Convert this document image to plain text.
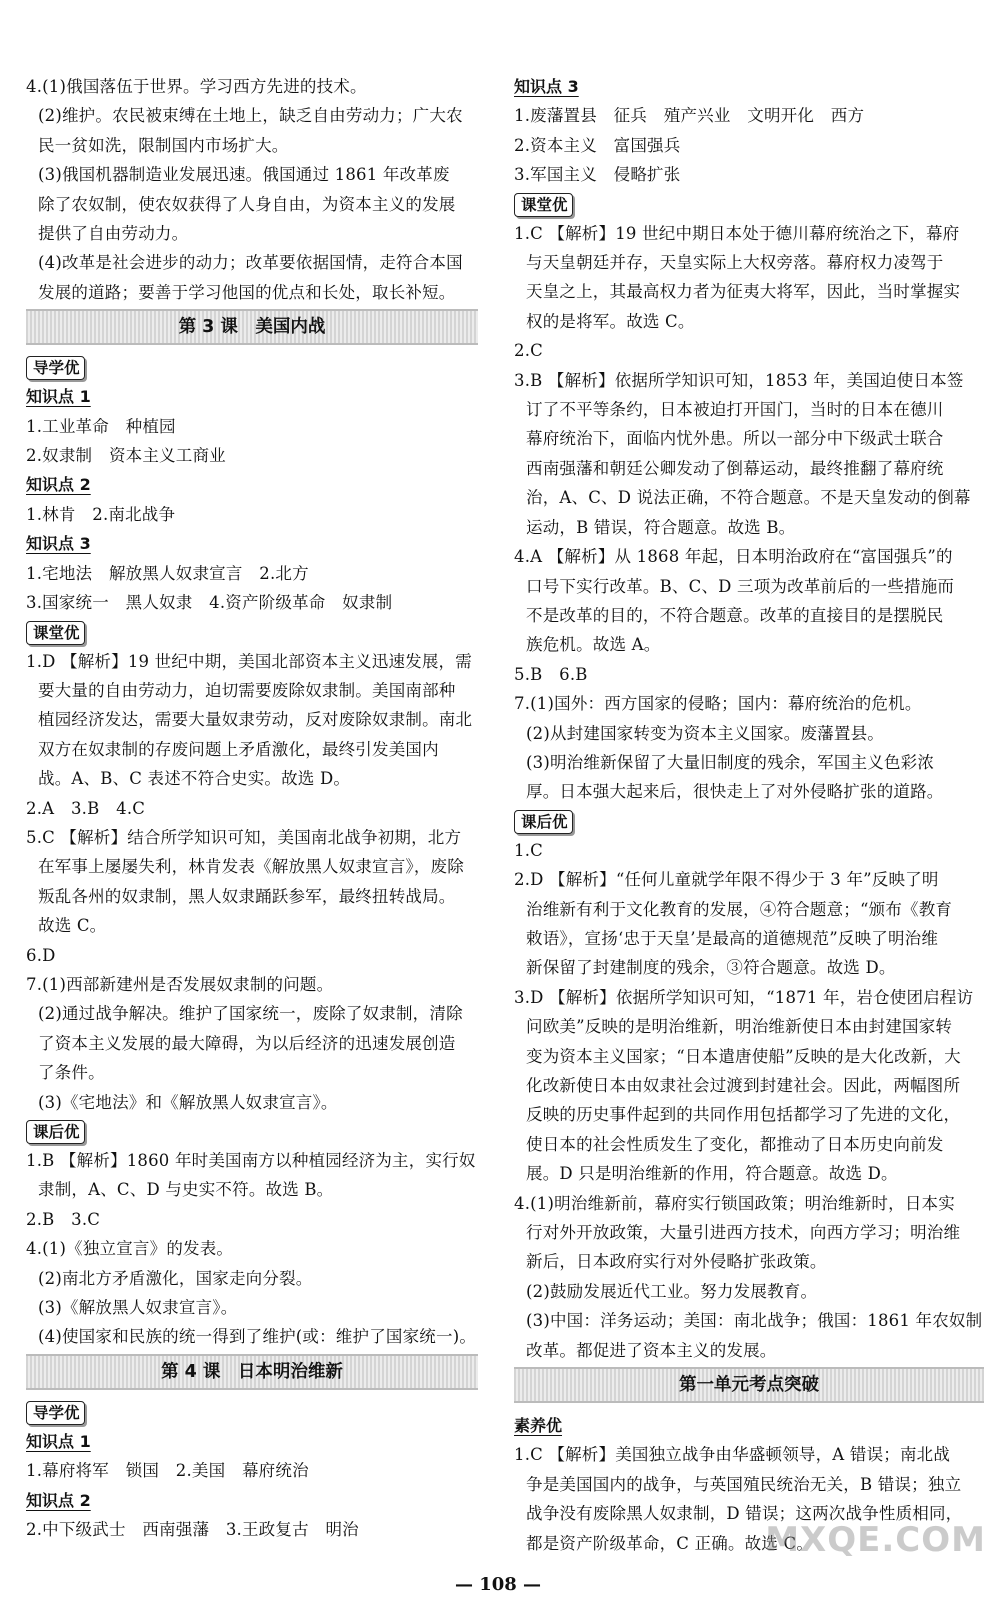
4.(1)俄国落伍于世界。学习西方先进的技术。
(2)维护。农民被束缚在土地上，缺乏自由劳动力；广大农
民一贫如洗，限制国内市场扩大。
(3)俄国机器制造业发展迅速。俄国通过 1861 年改革废
除了农奴制，使农奴获得了人身自由，为资本主义的发展
提供了自由劳动力。
(4)改革是社会进步的动力；改革要依据国情，走符合本国
发展的道路；要善于学习他国的优点和长处，取长补短。
第 3 课　美国内战
导学优
知识点 1
1.工业革命　种植园
2.奴隶制　资本主义工商业
知识点 2
1.林肯　2.南北战争
知识点 3
1.宅地法　解放黑人奴隶宣言　2.北方
3.国家统一　黑人奴隶　4.资产阶级革命　奴隶制
课堂优
1.D 【解析】19 世纪中期，美国北部资本主义迅速发展，需
要大量的自由劳动力，迫切需要废除奴隶制。美国南部种
植园经济发达，需要大量奴隶劳动，反对废除奴隶制。南北
双方在奴隶制的存废问题上矛盾激化，最终引发美国内
战。A、B、C 表述不符合史实。故选 D。
2.A　3.B　4.C
5.C 【解析】结合所学知识可知，美国南北战争初期，北方
在军事上屡屡失利，林肯发表《解放黑人奴隶宣言》，废除
叛乱各州的奴隶制，黑人奴隶踊跃参军，最终扭转战局。
故选 C。
6.D
7.(1)西部新建州是否发展奴隶制的问题。
(2)通过战争解决。维护了国家统一，废除了奴隶制，清除
了资本主义发展的最大障碍，为以后经济的迅速发展创造
了条件。
(3)《宅地法》和《解放黑人奴隶宣言》。
课后优
1.B 【解析】1860 年时美国南方以种植园经济为主，实行奴
隶制，A、C、D 与史实不符。故选 B。
2.B　3.C
4.(1)《独立宣言》的发表。
(2)南北方矛盾激化，国家走向分裂。
(3)《解放黑人奴隶宣言》。
(4)使国家和民族的统一得到了维护(或：维护了国家统一)。
第 4 课　日本明治维新
导学优
知识点 1
1.幕府将军　锁国　2.美国　幕府统治
知识点 2
2.中下级武士　西南强藩　3.王政复古　明治
知识点 3
1.废藩置县　征兵　殖产兴业　文明开化　西方
2.资本主义　富国强兵
3.军国主义　侵略扩张
课堂优
1.C 【解析】19 世纪中期日本处于德川幕府统治之下，幕府
与天皇朝廷并存，天皇实际上大权旁落。幕府权力凌驾于
天皇之上，其最高权力者为征夷大将军，因此，当时掌握实
权的是将军。故选 C。
2.C
3.B 【解析】依据所学知识可知，1853 年，美国迫使日本签
订了不平等条约，日本被迫打开国门，当时的日本在德川
幕府统治下，面临内忧外患。所以一部分中下级武士联合
西南强藩和朝廷公卿发动了倒幕运动，最终推翻了幕府统
治，A、C、D 说法正确，不符合题意。不是天皇发动的倒幕
运动，B 错误，符合题意。故选 B。
4.A 【解析】从 1868 年起，日本明治政府在“富国强兵”的
口号下实行改革。B、C、D 三项为改革前后的一些措施而
不是改革的目的，不符合题意。改革的直接目的是摆脱民
族危机。故选 A。
5.B　6.B
7.(1)国外：西方国家的侵略；国内：幕府统治的危机。
(2)从封建国家转变为资本主义国家。废藩置县。
(3)明治维新保留了大量旧制度的残余，军国主义色彩浓
厚。日本强大起来后，很快走上了对外侵略扩张的道路。
课后优
1.C
2.D 【解析】“任何儿童就学年限不得少于 3 年”反映了明
治维新有利于文化教育的发展，④符合题意；“颁布《教育
敕语》，宣扬‘忠于天皇’是最高的道德规范”反映了明治维
新保留了封建制度的残余，③符合题意。故选 D。
3.D 【解析】依据所学知识可知，“1871 年，岩仓使团启程访
问欧美”反映的是明治维新，明治维新使日本由封建国家转
变为资本主义国家；“日本遣唐使船”反映的是大化改新，大
化改新使日本由奴隶社会过渡到封建社会。因此，两幅图所
反映的历史事件起到的共同作用包括都学习了先进的文化，
使日本的社会性质发生了变化，都推动了日本历史向前发
展。D 只是明治维新的作用，符合题意。故选 D。
4.(1)明治维新前，幕府实行锁国政策；明治维新时，日本实
行对外开放政策，大量引进西方技术，向西方学习；明治维
新后，日本政府实行对外侵略扩张政策。
(2)鼓励发展近代工业。努力发展教育。
(3)中国：洋务运动；美国：南北战争；俄国：1861 年农奴制
改革。都促进了资本主义的发展。
第一单元考点突破
素养优
1.C 【解析】美国独立战争由华盛顿领导，A 错误；南北战
争是美国国内的战争，与英国殖民统治无关，B 错误；独立
战争没有废除黑人奴隶制，D 错误；这两次战争性质相同，
都是资产阶级革命，C 正确。故选 C。
— 108 —
MXQE.COM
